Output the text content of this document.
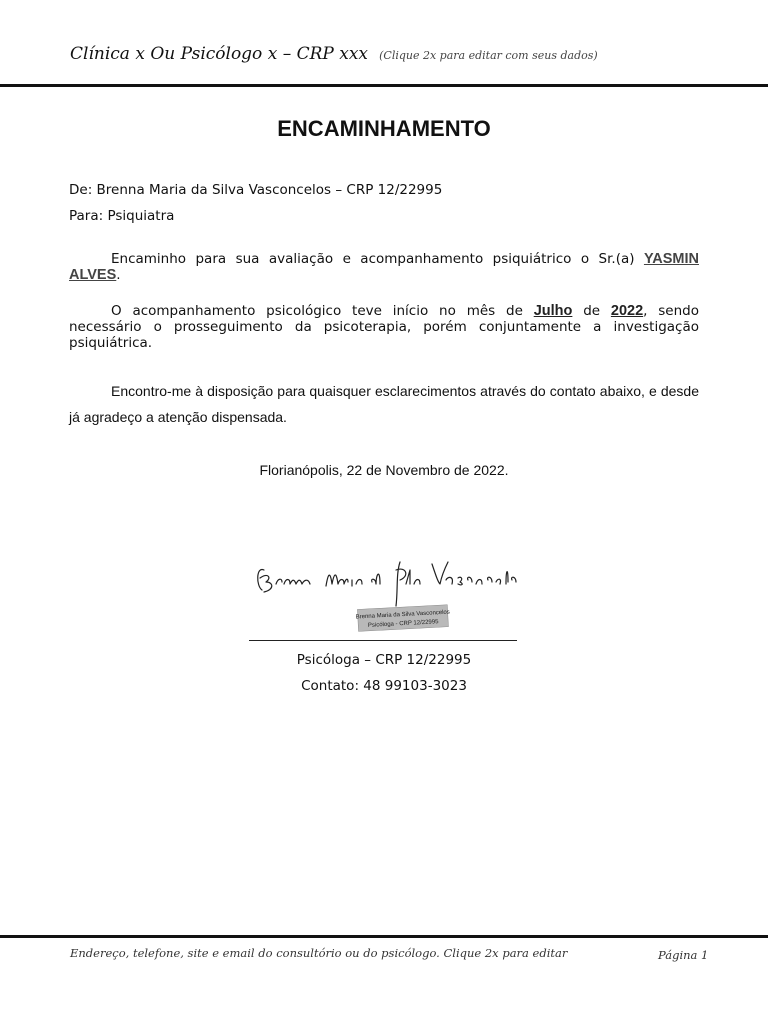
Clínica x Ou Psicólogo x – CRP xxx (Clique 2x para editar com seus dados)
ENCAMINHAMENTO
De: Brenna Maria da Silva Vasconcelos – CRP 12/22995
Para: Psiquiatra
Encaminho para sua avaliação e acompanhamento psiquiátrico o Sr.(a) YASMIN ALVES.
O acompanhamento psicológico teve início no mês de Julho de 2022, sendo necessário o prosseguimento da psicoterapia, porém conjuntamente a investigação psiquiátrica.
Encontro-me à disposição para quaisquer esclarecimentos através do contato abaixo, e desde já agradeço a atenção dispensada.
Florianópolis, 22 de Novembro de 2022.
Brenna Maria da Silva Vasconcelos
Psicóloga - CRP 12/22995
Psicóloga – CRP 12/22995
Contato: 48 99103-3023
Endereço, telefone, site e email do consultório ou do psicólogo. Clique 2x para editar	Página 1
